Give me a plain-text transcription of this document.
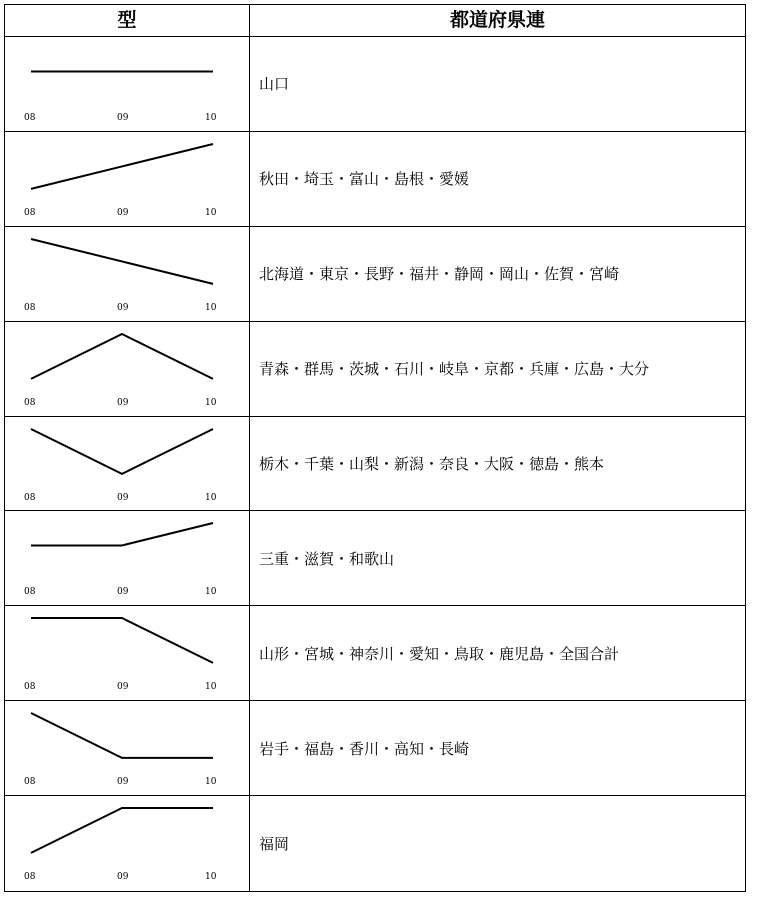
型	都道府県連
08	09	10
山口
08	09	10
秋田・埼玉・富山・島根・愛媛
08	09	10
北海道・東京・長野・福井・静岡・岡山・佐賀・宮崎
08	09	10
青森・群馬・茨城・石川・岐阜・京都・兵庫・広島・大分
08	09	10
栃木・千葉・山梨・新潟・奈良・大阪・徳島・熊本
08	09	10
三重・滋賀・和歌山
08	09	10
山形・宮城・神奈川・愛知・鳥取・鹿児島・全国合計
08	09	10
岩手・福島・香川・高知・長崎
08	09	10
福岡
